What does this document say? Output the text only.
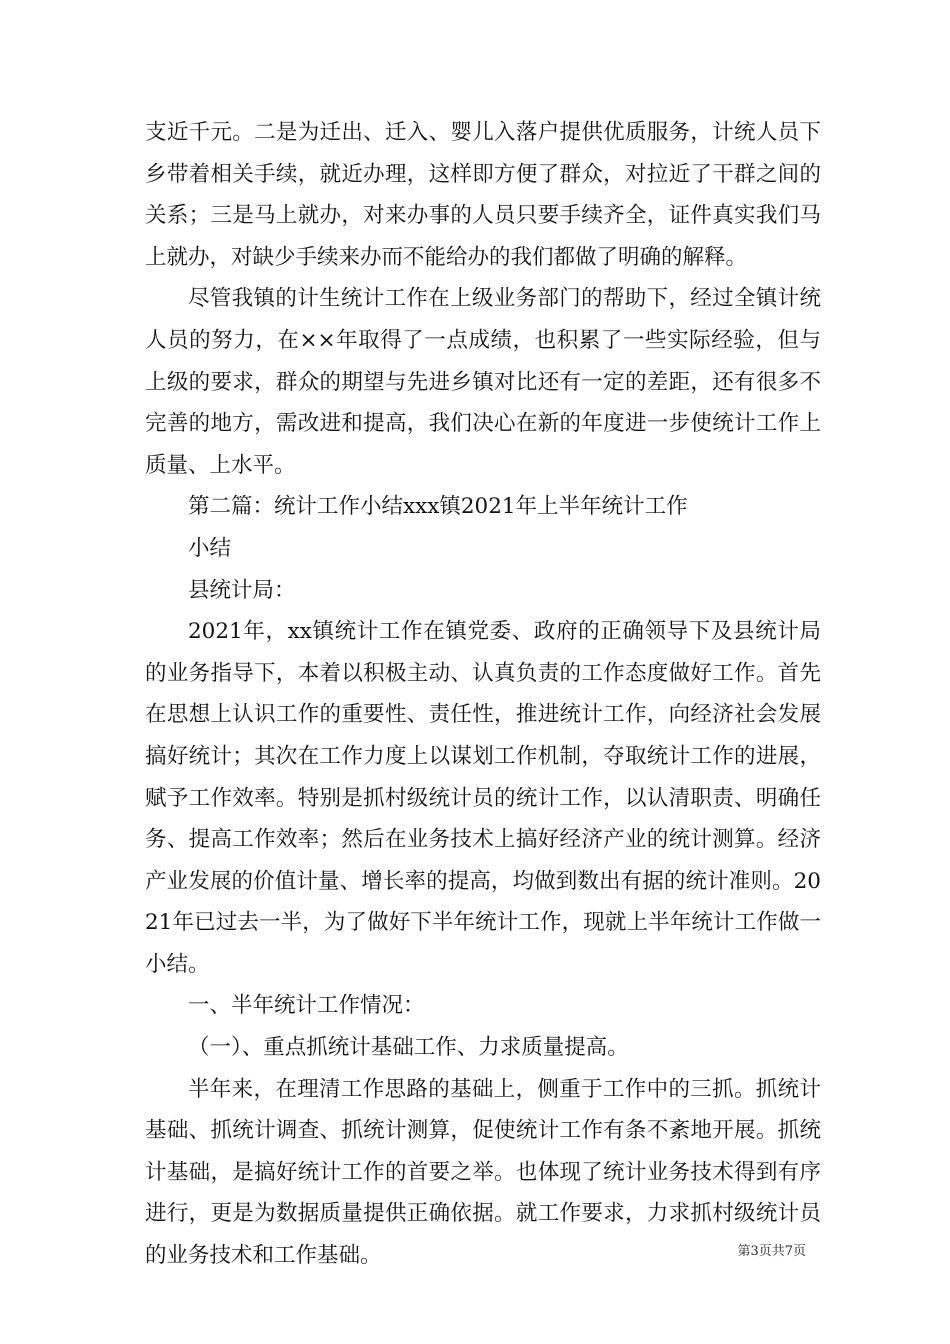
支近千元。二是为迁出、迁入、婴儿入落户提供优质服务，计统人员下乡带着相关手续，就近办理，这样即方便了群众，对拉近了干群之间的关系；三是马上就办，对来办事的人员只要手续齐全，证件真实我们马上就办，对缺少手续来办而不能给办的我们都做了明确的解释。

尽管我镇的计生统计工作在上级业务部门的帮助下，经过全镇计统人员的努力，在××年取得了一点成绩，也积累了一些实际经验，但与上级的要求，群众的期望与先进乡镇对比还有一定的差距，还有很多不完善的地方，需改进和提高，我们决心在新的年度进一步使统计工作上质量、上水平。

第二篇：统计工作小结xxx镇2021年上半年统计工作

小结

县统计局：

2021年，xx镇统计工作在镇党委、政府的正确领导下及县统计局的业务指导下，本着以积极主动、认真负责的工作态度做好工作。首先在思想上认识工作的重要性、责任性，推进统计工作，向经济社会发展搞好统计；其次在工作力度上以谋划工作机制，夺取统计工作的进展，赋予工作效率。特别是抓村级统计员的统计工作，以认清职责、明确任务、提高工作效率；然后在业务技术上搞好经济产业的统计测算。经济产业发展的价值计量、增长率的提高，均做到数出有据的统计准则。2021年已过去一半，为了做好下半年统计工作，现就上半年统计工作做一小结。

一、半年统计工作情况：

（一）、重点抓统计基础工作、力求质量提高。

半年来，在理清工作思路的基础上，侧重于工作中的三抓。抓统计基础、抓统计调查、抓统计测算，促使统计工作有条不紊地开展。抓统计基础，是搞好统计工作的首要之举。也体现了统计业务技术得到有序进行，更是为数据质量提供正确依据。就工作要求，力求抓村级统计员的业务技术和工作基础。	第3页共7页
